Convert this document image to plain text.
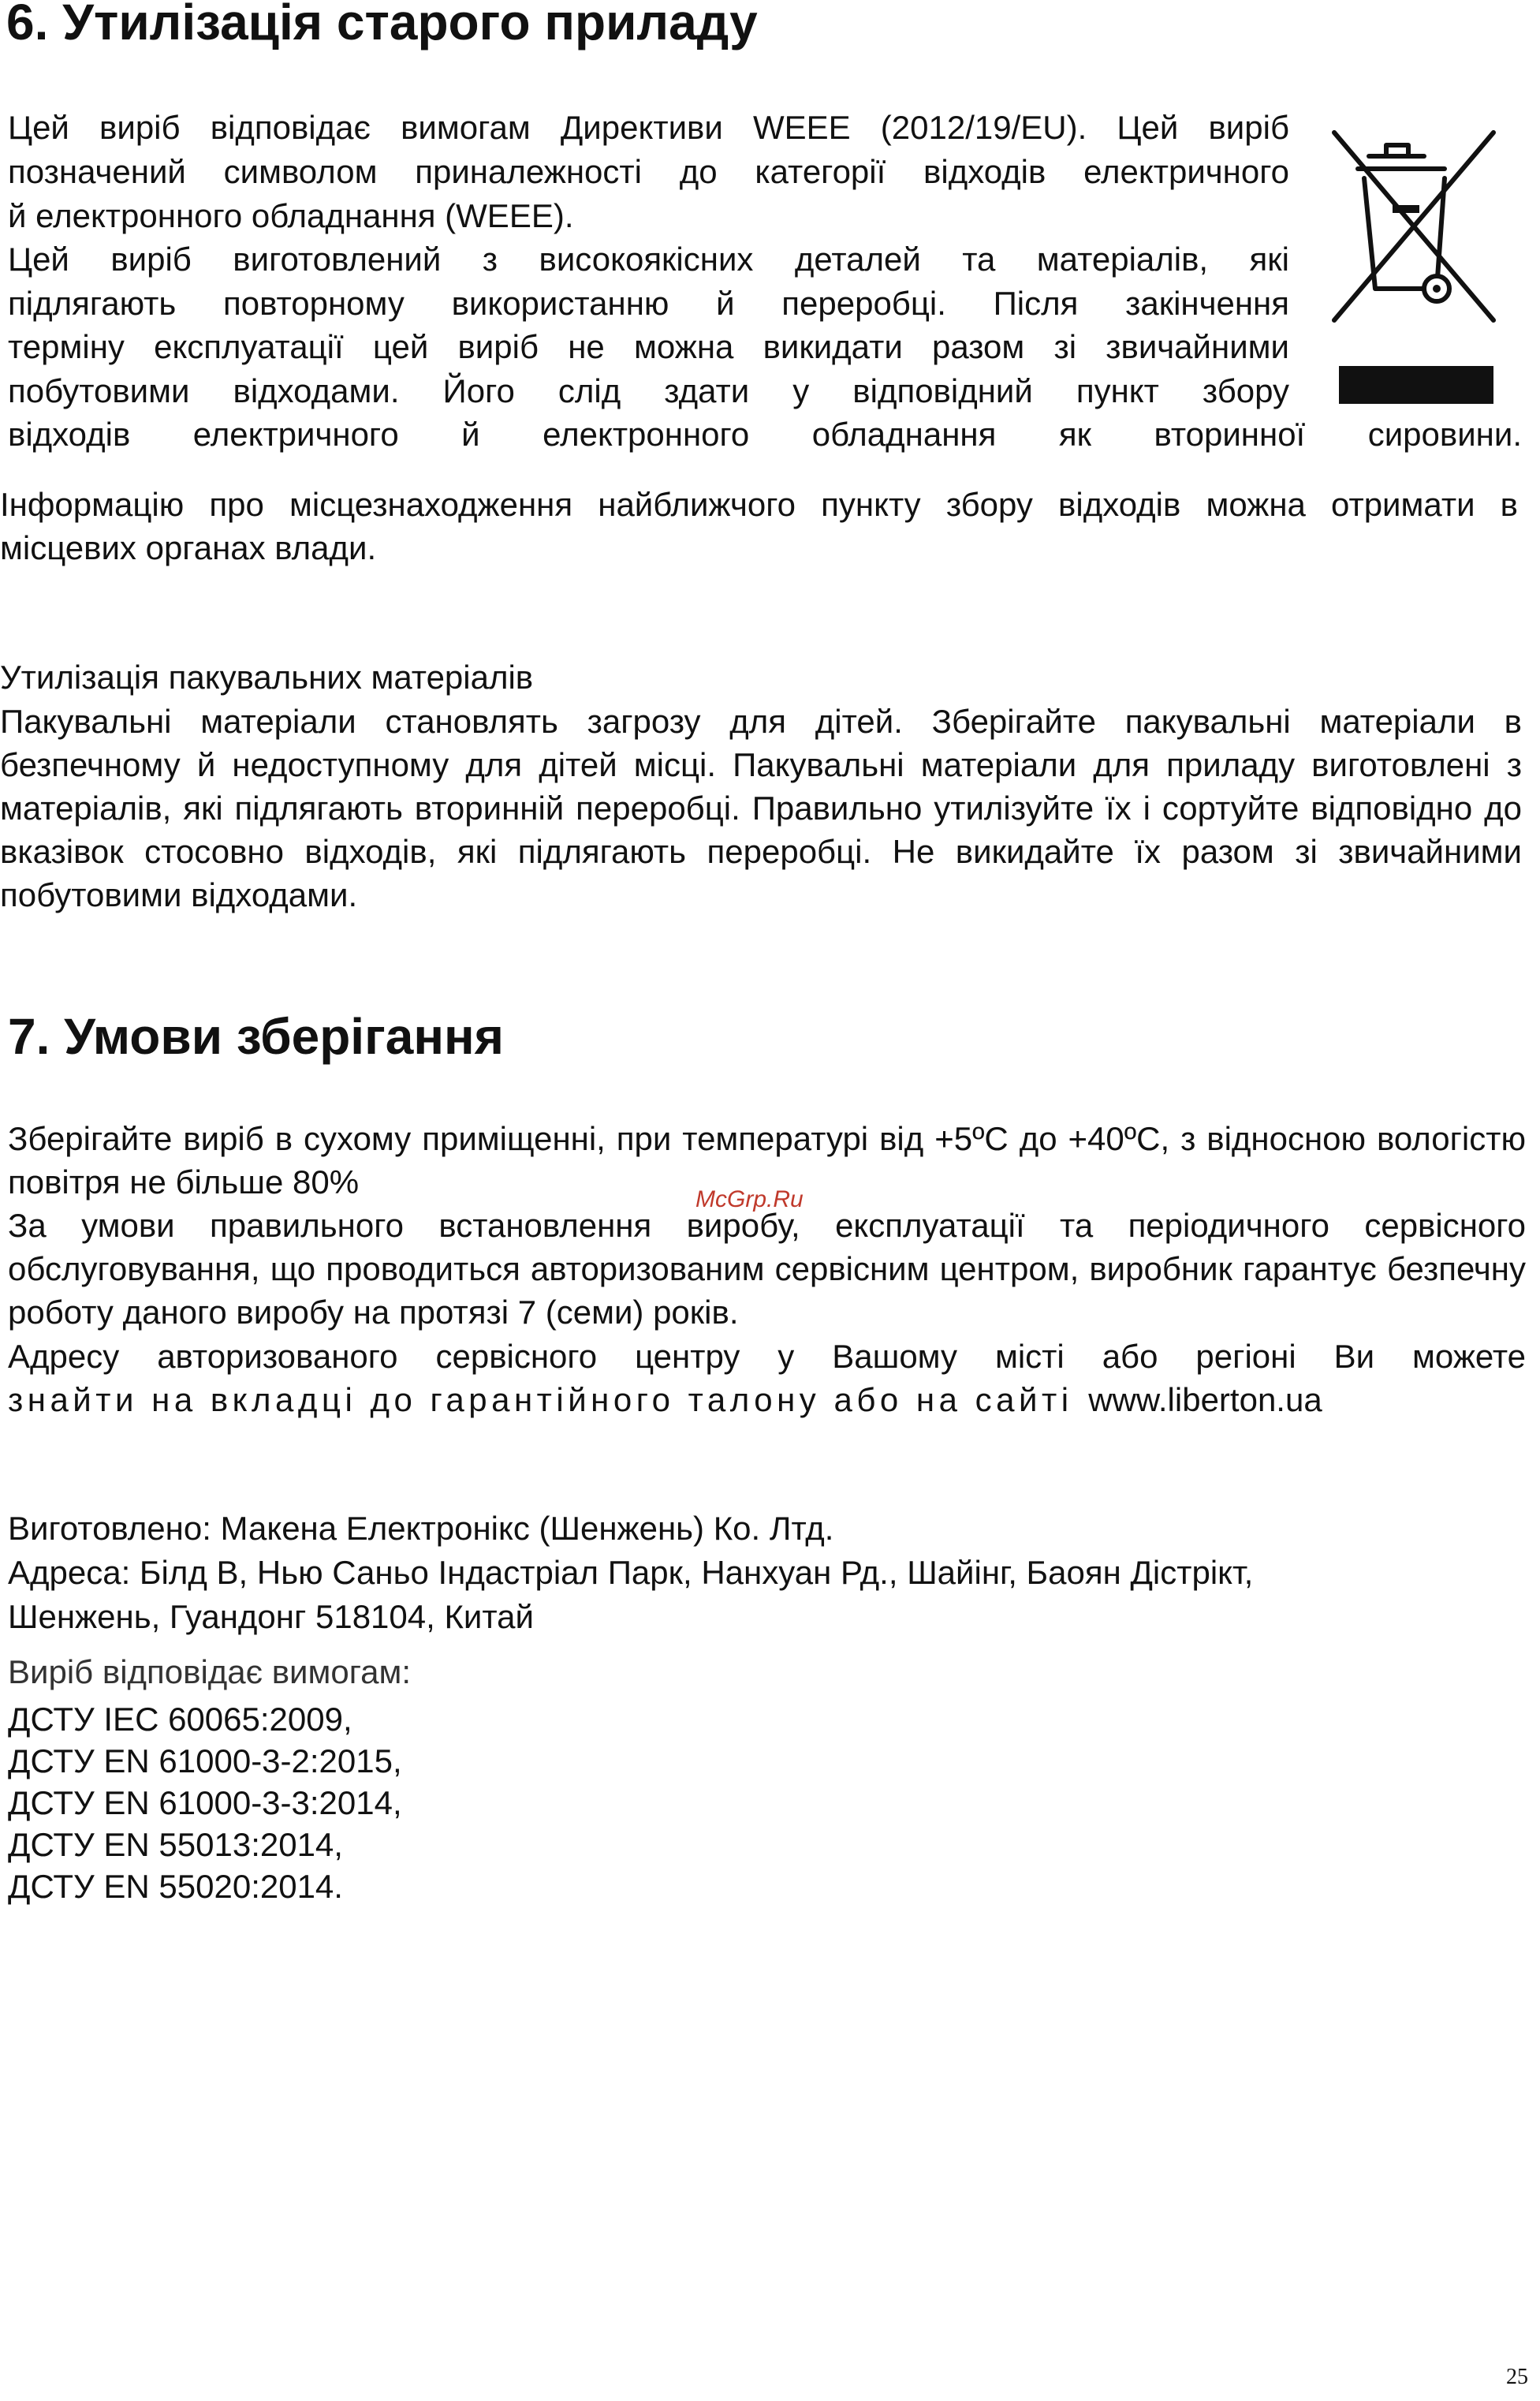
6. Утилізація старого приладу
Цей виріб відповідає вимогам Директиви WEEE (2012/19/EU). Цей виріб
позначений символом приналежності до категорії відходів електричного
й електронного обладнання (WEEE).
Цей виріб виготовлений з високоякісних деталей та матеріалів, які
підлягають повторному використанню й переробці. Після закінчення
терміну експлуатації цей виріб не можна викидати разом зі звичайними
побутовими відходами. Його слід здати у відповідний пункт збору
відходів електричного й електронного обладнання як вторинної сировини.

Інформацію про місцезнаходження найближчого пункту збору відходів можна отримати в місцевих органах влади.

Утилізація пакувальних матеріалів

Пакувальні матеріали становлять загрозу для дітей. Зберігайте пакувальні матеріали в безпечному й недоступному для дітей місці. Пакувальні матеріали для приладу виготовлені з матеріалів, які підлягають вторинній переробці. Правильно утилізуйте їх і сортуйте відповідно до вказівок стосовно відходів, які підлягають переробці. Не викидайте їх разом зі звичайними побутовими відходами.

7. Умови зберігання

Зберігайте виріб в сухому приміщенні, при температурі від +5ºC до +40ºC, з відносною вологістю повітря не більше 80%

За умови правильного встановлення виробу, експлуатації та періодичного сервісного обслуговування, що проводиться авторизованим сервісним центром, виробник гарантує безпечну роботу даного виробу на протязі 7 (семи) років.

Адресу авторизованого сервісного центру у Вашому місті або регіоні Ви можете
знайти на вкладці до гарантійного талону або на сайті www.liberton.ua
Виготовлено: Макена Електронікс (Шенжень) Ко. Лтд.
Адреса: Білд В, Нью Саньо Індастріал Парк, Нанхуан Рд., Шайінг, Баоян Дістрікт,
Шенжень, Гуандонг 518104, Китай
Виріб відповідає вимогам:
ДСТУ IEC 60065:2009,
ДСТУ EN 61000-3-2:2015,
ДСТУ EN 61000-3-3:2014,
ДСТУ EN 55013:2014,
ДСТУ EN 55020:2014.
McGrp.Ru
25
